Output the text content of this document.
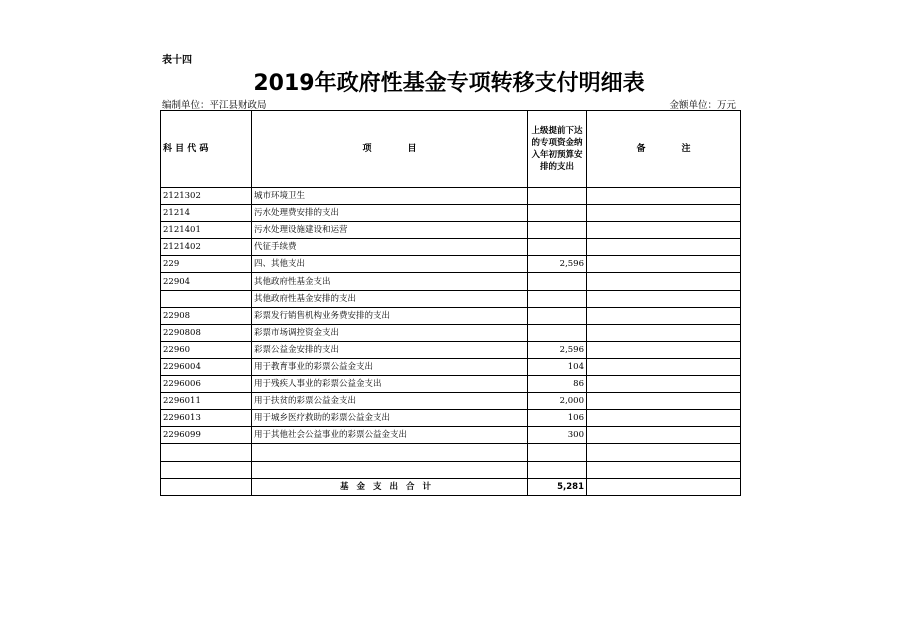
表十四
2019年政府性基金专项转移支付明细表
编制单位：平江县财政局	金额单位：万元
科 目 代 码	项　　　　目	上级提前下达的专项资金纳入年初预算安排的支出	备　　　　注
2121302	城市环境卫生		
21214	污水处理费安排的支出		
2121401	污水处理设施建设和运营		
2121402	代征手续费		
229	四、其他支出	2,596	
22904	其他政府性基金支出		
	其他政府性基金安排的支出		
22908	彩票发行销售机构业务费安排的支出		
2290808	彩票市场调控资金支出		
22960	彩票公益金安排的支出	2,596	
2296004	用于教育事业的彩票公益金支出	104	
2296006	用于残疾人事业的彩票公益金支出	86	
2296011	用于扶贫的彩票公益金支出	2,000	
2296013	用于城乡医疗救助的彩票公益金支出	106	
2296099	用于其他社会公益事业的彩票公益金支出	300	

	基金支出合计	5,281	
